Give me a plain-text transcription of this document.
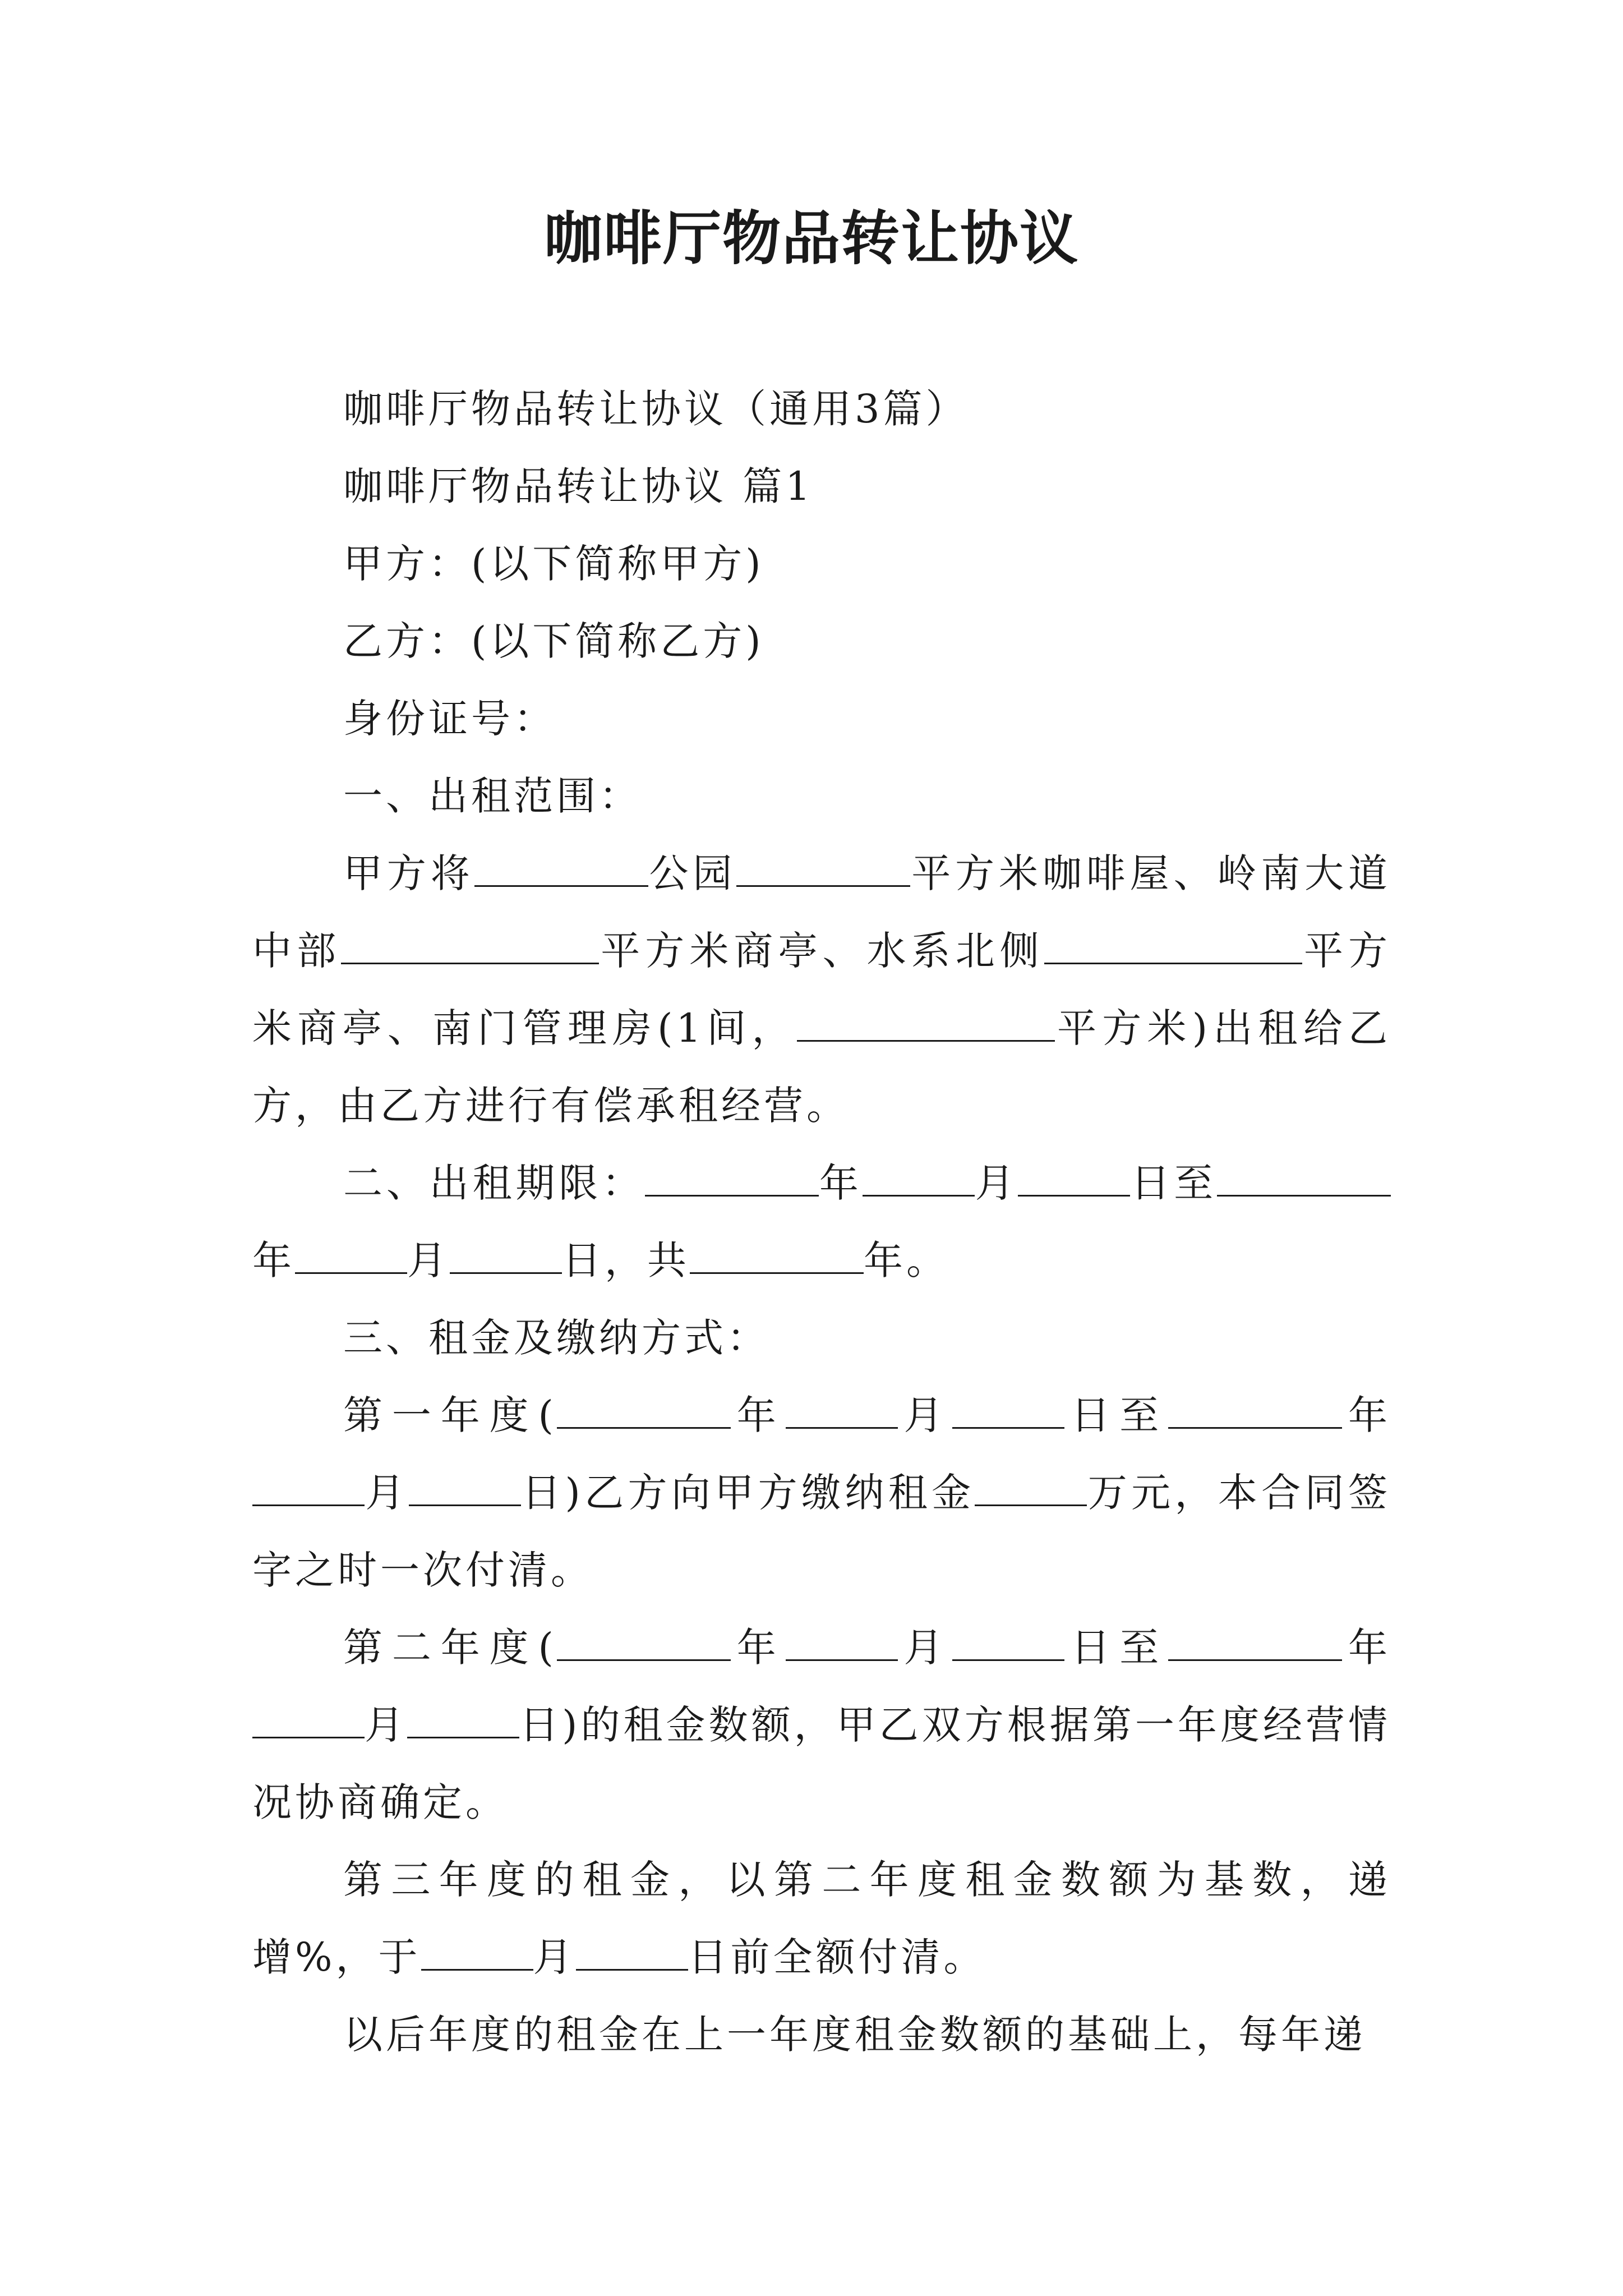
咖啡厅物品转让协议

咖啡厅物品转让协议（通用3篇）

咖啡厅物品转让协议 篇1

甲方：(以下简称甲方)

乙方：(以下简称乙方)

身份证号：

一、出租范围：

甲方将	公园	平方米咖啡屋、岭南大道中部	平方米商亭、水系北侧	平方米商亭、南门管理房(1间，	平方米)出租给乙方，由乙方进行有偿承租经营。

二、出租期限：	年	月	日至年	月	日，共	年。

三、租金及缴纳方式：

第一年度(	年	月	日至	年月	日)乙方向甲方缴纳租金	万元，本合同签字之时一次付清。

第二年度(	年	月	日至	年月	日)的租金数额，甲乙双方根据第一年度经营情况协商确定。

第三年度的租金，以第二年度租金数额为基数，递增%，于	月	日前全额付清。

以后年度的租金在上一年度租金数额的基础上，每年递
